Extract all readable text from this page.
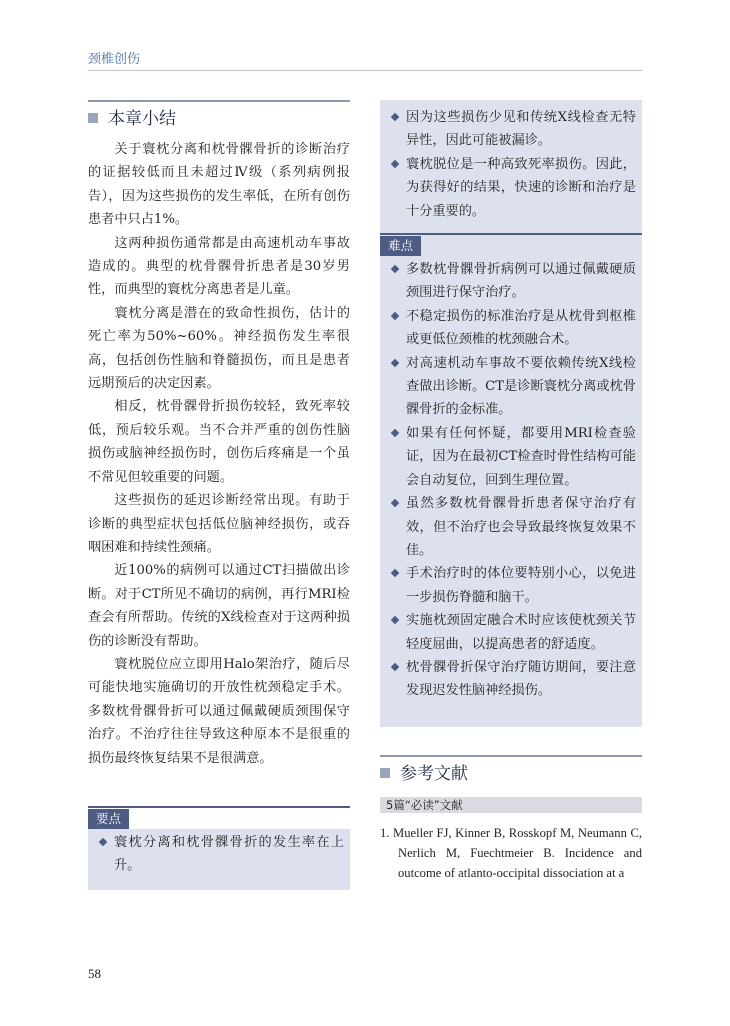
颈椎创伤
本章小结

关于寰枕分离和枕骨髁骨折的诊断治疗的证据较低而且未超过Ⅳ级（系列病例报告），因为这些损伤的发生率低，在所有创伤患者中只占1%。

这两种损伤通常都是由高速机动车事故造成的。典型的枕骨髁骨折患者是30岁男性，而典型的寰枕分离患者是儿童。

寰枕分离是潜在的致命性损伤，估计的死亡率为50%~60%。神经损伤发生率很高，包括创伤性脑和脊髓损伤，而且是患者远期预后的决定因素。

相反，枕骨髁骨折损伤较轻，致死率较低，预后较乐观。当不合并严重的创伤性脑损伤或脑神经损伤时，创伤后疼痛是一个虽不常见但较重要的问题。

这些损伤的延迟诊断经常出现。有助于诊断的典型症状包括低位脑神经损伤，或吞咽困难和持续性颈痛。

近100%的病例可以通过CT扫描做出诊断。对于CT所见不确切的病例，再行MRI检查会有所帮助。传统的X线检查对于这两种损伤的诊断没有帮助。

寰枕脱位应立即用Halo架治疗，随后尽可能快地实施确切的开放性枕颈稳定手术。多数枕骨髁骨折可以通过佩戴硬质颈围保守治疗。不治疗往往导致这种原本不是很重的损伤最终恢复结果不是很满意。

要点
寰枕分离和枕骨髁骨折的发生率在上升。
因为这些损伤少见和传统X线检查无特异性，因此可能被漏诊。
寰枕脱位是一种高致死率损伤。因此，为获得好的结果，快速的诊断和治疗是十分重要的。
难点
多数枕骨髁骨折病例可以通过佩戴硬质颈围进行保守治疗。
不稳定损伤的标准治疗是从枕骨到枢椎或更低位颈椎的枕颈融合术。
对高速机动车事故不要依赖传统X线检查做出诊断。CT是诊断寰枕分离或枕骨髁骨折的金标准。
如果有任何怀疑，都要用MRI检查验证，因为在最初CT检查时骨性结构可能会自动复位，回到生理位置。
虽然多数枕骨髁骨折患者保守治疗有效，但不治疗也会导致最终恢复效果不佳。
手术治疗时的体位要特别小心，以免进一步损伤脊髓和脑干。
实施枕颈固定融合术时应该使枕颈关节轻度屈曲，以提高患者的舒适度。
枕骨髁骨折保守治疗随访期间，要注意发现迟发性脑神经损伤。
参考文献
5篇“必读”文献

1. Mueller FJ, Kinner B, Rosskopf M, Neumann C, Nerlich M, Fuechtmeier B. Incidence and outcome of atlanto-occipital dissociation at a

58
